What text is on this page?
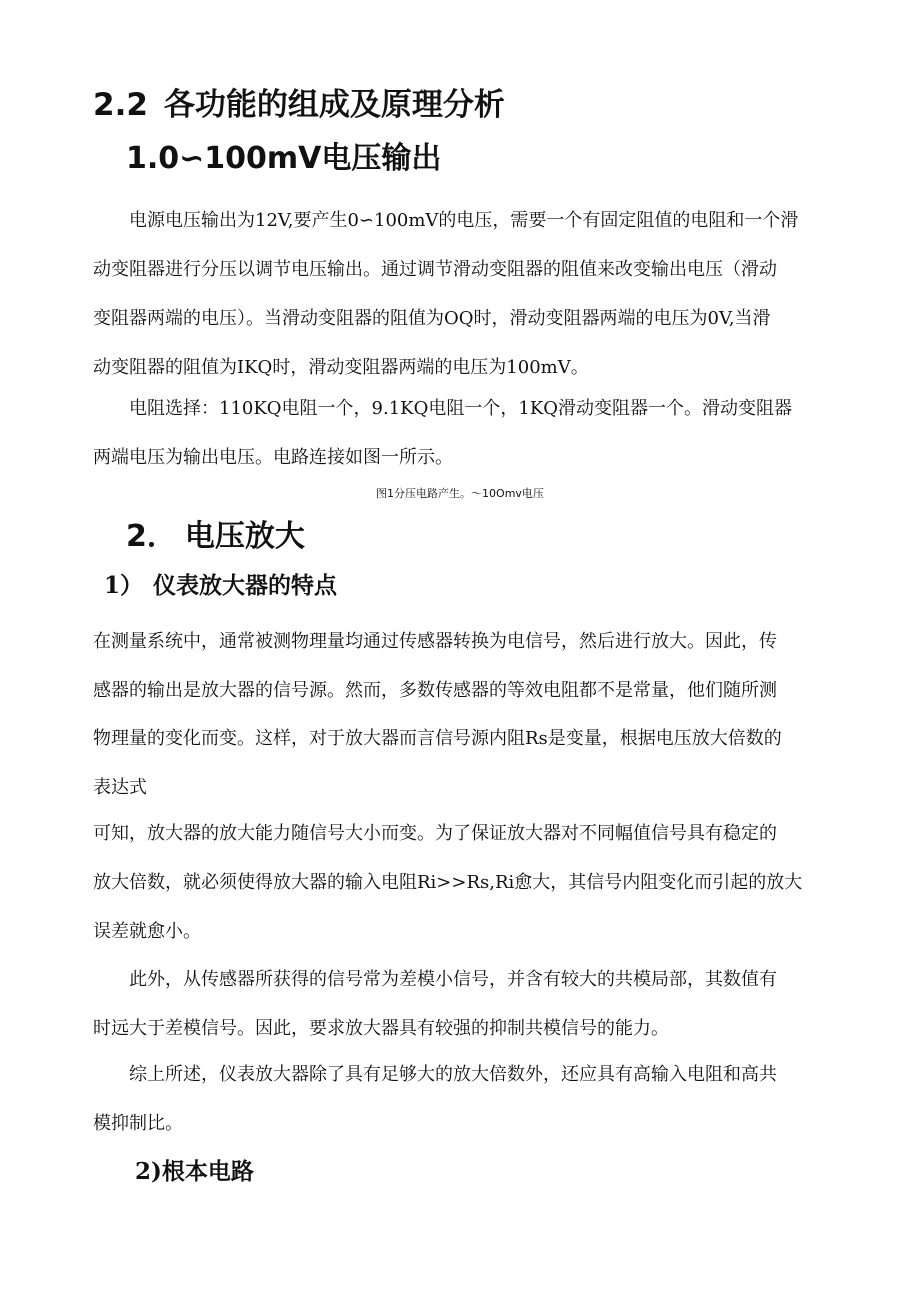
2.2 各功能的组成及原理分析
1.0∽100mV电压输出

　　电源电压输出为12V,要产生0∽100mV的电压，需要一个有固定阻值的电阻和一个滑
动变阻器进行分压以调节电压输出。通过调节滑动变阻器的阻值来改变输出电压（滑动
变阻器两端的电压）。当滑动变阻器的阻值为OQ时，滑动变阻器两端的电压为0V,当滑
动变阻器的阻值为IKQ时，滑动变阻器两端的电压为100mV。

　　电阻选择：110KQ电阻一个，9.1KQ电阻一个，1KQ滑动变阻器一个。滑动变阻器
两端电压为输出电压。电路连接如图一所示。

图1分压电路产生。〜10Omv电压
2． 电压放大
1） 仪表放大器的特点

在测量系统中，通常被测物理量均通过传感器转换为电信号，然后进行放大。因此，传
感器的输出是放大器的信号源。然而，多数传感器的等效电阻都不是常量，他们随所测
物理量的变化而变。这样，对于放大器而言信号源内阻Rs是变量，根据电压放大倍数的
表达式

可知，放大器的放大能力随信号大小而变。为了保证放大器对不同幅值信号具有稳定的
放大倍数，就必须使得放大器的输入电阻Ri>>Rs,Ri愈大，其信号内阻变化而引起的放大
误差就愈小。

　　此外，从传感器所获得的信号常为差模小信号，并含有较大的共模局部，其数值有
时远大于差模信号。因此，要求放大器具有较强的抑制共模信号的能力。

　　综上所述，仪表放大器除了具有足够大的放大倍数外，还应具有高输入电阻和高共
模抑制比。

2)根本电路
